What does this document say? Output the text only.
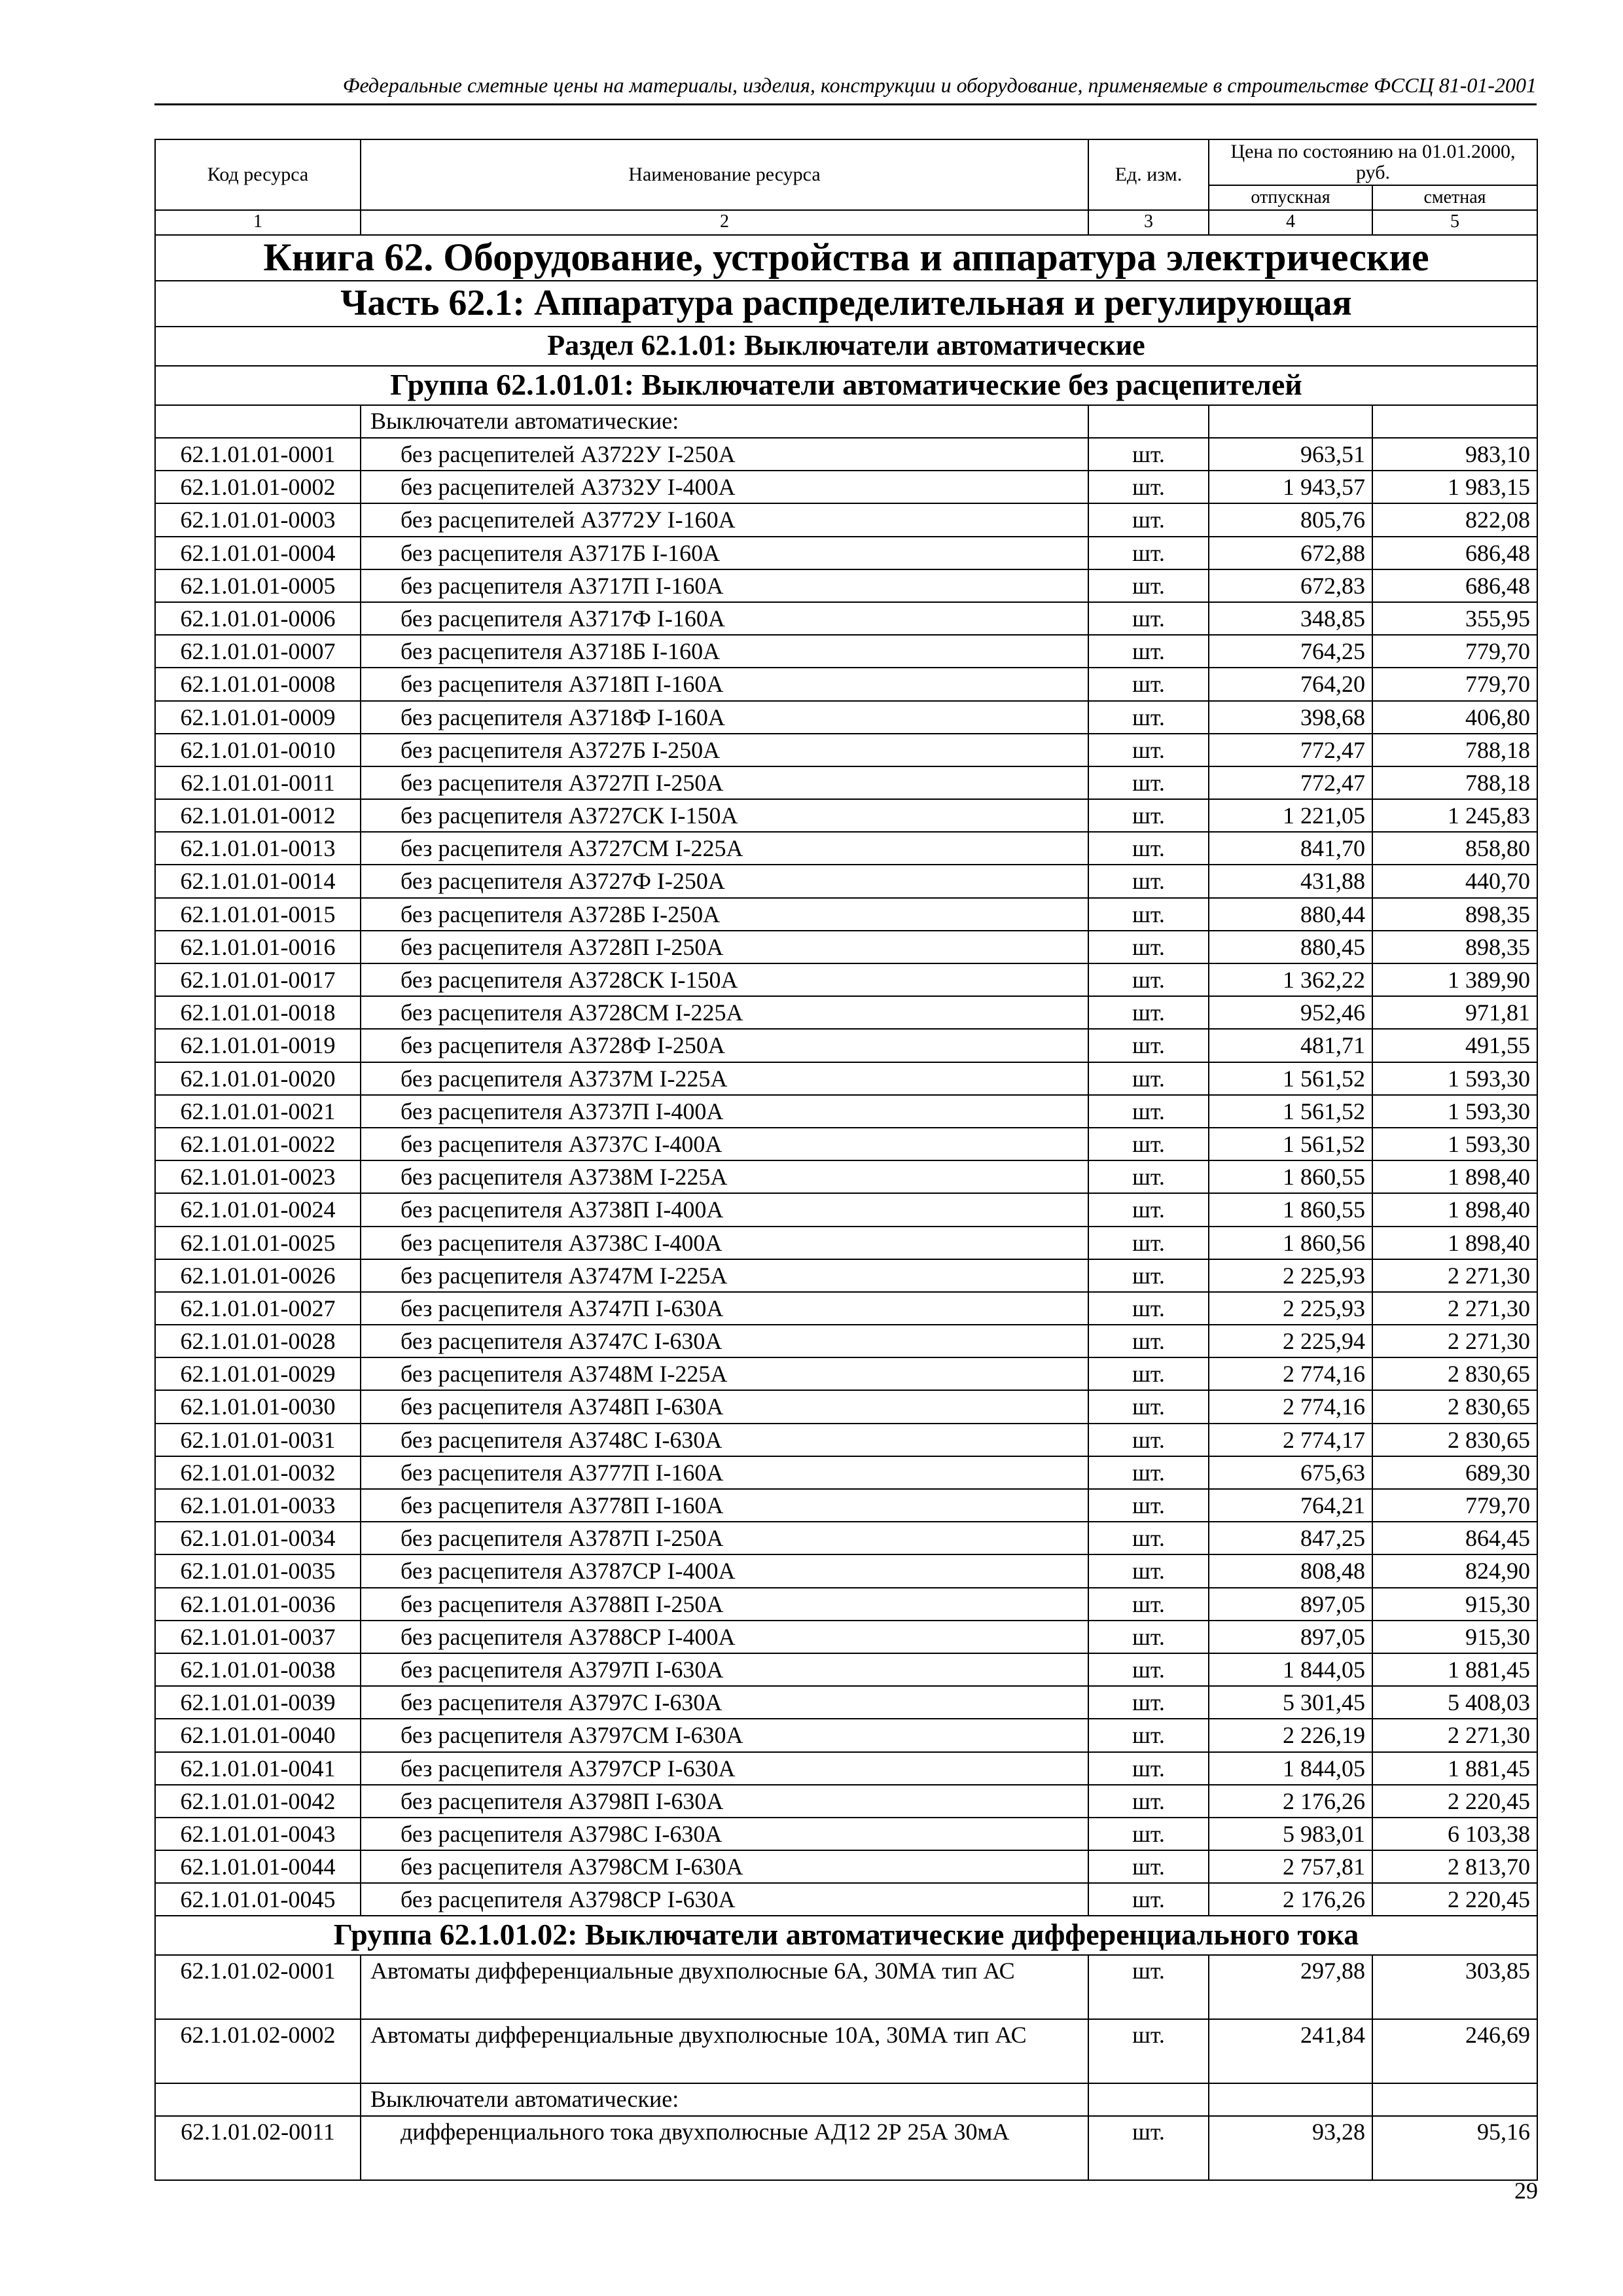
Федеральные сметные цены на материалы, изделия, конструкции и оборудование, применяемые в строительстве ФССЦ 81-01-2001
Код ресурса	Наименование ресурса	Ед. изм.	Цена по состоянию на 01.01.2000, руб.	
			отпускная	сметная
1	2	3	4	5
Книга 62. Оборудование, устройства и аппаратура электрические				
Часть 62.1: Аппаратура распределительная и регулирующая				
Раздел 62.1.01: Выключатели автоматические				
Группа 62.1.01.01: Выключатели автоматические без расцепителей				
	Выключатели автоматические:			
62.1.01.01-0001	без расцепителей А3722У I-250А	шт.	963,51	983,10
62.1.01.01-0002	без расцепителей А3732У I-400А	шт.	1 943,57	1 983,15
62.1.01.01-0003	без расцепителей А3772У I-160А	шт.	805,76	822,08
62.1.01.01-0004	без расцепителя А3717Б I-160А	шт.	672,88	686,48
62.1.01.01-0005	без расцепителя А3717П I-160А	шт.	672,83	686,48
62.1.01.01-0006	без расцепителя А3717Ф I-160А	шт.	348,85	355,95
62.1.01.01-0007	без расцепителя А3718Б I-160А	шт.	764,25	779,70
62.1.01.01-0008	без расцепителя А3718П I-160А	шт.	764,20	779,70
62.1.01.01-0009	без расцепителя А3718Ф I-160А	шт.	398,68	406,80
62.1.01.01-0010	без расцепителя А3727Б I-250А	шт.	772,47	788,18
62.1.01.01-0011	без расцепителя А3727П I-250А	шт.	772,47	788,18
62.1.01.01-0012	без расцепителя А3727СК I-150А	шт.	1 221,05	1 245,83
62.1.01.01-0013	без расцепителя А3727СМ I-225А	шт.	841,70	858,80
62.1.01.01-0014	без расцепителя А3727Ф I-250А	шт.	431,88	440,70
62.1.01.01-0015	без расцепителя А3728Б I-250А	шт.	880,44	898,35
62.1.01.01-0016	без расцепителя А3728П I-250А	шт.	880,45	898,35
62.1.01.01-0017	без расцепителя А3728СК I-150А	шт.	1 362,22	1 389,90
62.1.01.01-0018	без расцепителя А3728СМ I-225А	шт.	952,46	971,81
62.1.01.01-0019	без расцепителя А3728Ф I-250А	шт.	481,71	491,55
62.1.01.01-0020	без расцепителя А3737М I-225А	шт.	1 561,52	1 593,30
62.1.01.01-0021	без расцепителя А3737П I-400А	шт.	1 561,52	1 593,30
62.1.01.01-0022	без расцепителя А3737С I-400А	шт.	1 561,52	1 593,30
62.1.01.01-0023	без расцепителя А3738М I-225А	шт.	1 860,55	1 898,40
62.1.01.01-0024	без расцепителя А3738П I-400А	шт.	1 860,55	1 898,40
62.1.01.01-0025	без расцепителя А3738С I-400А	шт.	1 860,56	1 898,40
62.1.01.01-0026	без расцепителя А3747М I-225А	шт.	2 225,93	2 271,30
62.1.01.01-0027	без расцепителя А3747П I-630А	шт.	2 225,93	2 271,30
62.1.01.01-0028	без расцепителя А3747С I-630А	шт.	2 225,94	2 271,30
62.1.01.01-0029	без расцепителя А3748М I-225А	шт.	2 774,16	2 830,65
62.1.01.01-0030	без расцепителя А3748П I-630А	шт.	2 774,16	2 830,65
62.1.01.01-0031	без расцепителя А3748С I-630А	шт.	2 774,17	2 830,65
62.1.01.01-0032	без расцепителя А3777П I-160А	шт.	675,63	689,30
62.1.01.01-0033	без расцепителя А3778П I-160А	шт.	764,21	779,70
62.1.01.01-0034	без расцепителя А3787П I-250А	шт.	847,25	864,45
62.1.01.01-0035	без расцепителя А3787СР I-400А	шт.	808,48	824,90
62.1.01.01-0036	без расцепителя А3788П I-250А	шт.	897,05	915,30
62.1.01.01-0037	без расцепителя А3788СР I-400А	шт.	897,05	915,30
62.1.01.01-0038	без расцепителя А3797П I-630А	шт.	1 844,05	1 881,45
62.1.01.01-0039	без расцепителя А3797С I-630А	шт.	5 301,45	5 408,03
62.1.01.01-0040	без расцепителя А3797СМ I-630А	шт.	2 226,19	2 271,30
62.1.01.01-0041	без расцепителя А3797СР I-630А	шт.	1 844,05	1 881,45
62.1.01.01-0042	без расцепителя А3798П I-630А	шт.	2 176,26	2 220,45
62.1.01.01-0043	без расцепителя А3798С I-630А	шт.	5 983,01	6 103,38
62.1.01.01-0044	без расцепителя А3798СМ I-630А	шт.	2 757,81	2 813,70
62.1.01.01-0045	без расцепителя А3798СР I-630А	шт.	2 176,26	2 220,45
Группа 62.1.01.02: Выключатели автоматические дифференциального тока				
62.1.01.02-0001	Автоматы дифференциальные двухполюсные 6А, 30МА тип АС	шт.	297,88	303,85
62.1.01.02-0002	Автоматы дифференциальные двухполюсные 10А, 30МА тип АС	шт.	241,84	246,69
	Выключатели автоматические:			
62.1.01.02-0011	дифференциального тока двухполюсные АД12 2Р 25А 30мА	шт.	93,28	95,16
29
